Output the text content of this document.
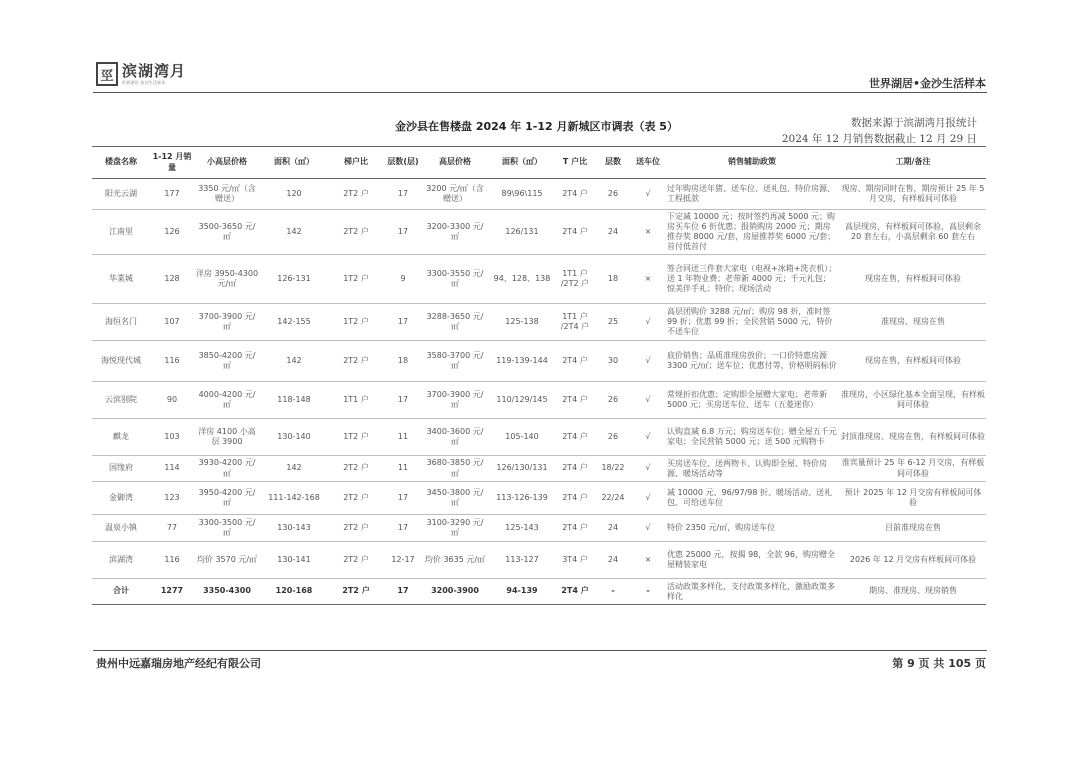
巠 滨湖湾月
世界湖居·金沙生活样本	世界湖居•金沙生活样本
金沙县在售楼盘 2024 年 1-12 月新城区市调表（表 5）	数据来源于滨湖湾月报统计
2024 年 12 月销售数据截止 12 月 29 日
楼盘名称	1-12 月销量	小高层价格	面积（㎡）	梯户比	层数(层)	高层价格	面积（㎡）	T 户比	层数	送车位	销售辅助政策	工期/备注
阳光云湖	177	3350 元/㎡（含赠送）	120	2T2 户	17	3200 元/㎡（含赠送）	89\96\115	2T4 户	26	√	过年购房送年猪、送车位、送礼包、特价房源、工程抵款	现房、期房同时在售，期房预计 25 年 5 月交房，有样板间可体验
江南里	126	3500-3650 元/㎡	142	2T2 户	17	3200-3300 元/㎡	126/131	2T4 户	24	×	下定减 10000 元；按时签约再减 5000 元；购房买车位 6 折优惠；报销购房 2000 元；期房推存奖 8000 元/套，房屋推荐奖 6000 元/套；首付低首付	高层现房，有样板间可体验，高层剩余 20 套左右，小高层剩余 60 套左右
华業城	128	洋房 3950-4300 元/㎡	126-131	1T2 户	9	3300-3550 元/㎡	94、128、138	1T1 户 /2T2 户	18	×	签合同送三件套大家电（电视+冰箱+洗衣机）；送 1 年物业费；老带新 4000 元；千元礼包；惊美伴手礼；特价；现场活动	现房在售，有样板间可体验
海恒名门	107	3700-3900 元/㎡	142-155	1T2 户	17	3288-3650 元/㎡	125-138	1T1 户 /2T4 户	25	√	高层团购价 3288 元/㎡；购房 98 折，准时签 99 折；优惠 99 折；全民营销 5000 元，特价不送车位	准现房、现房在售
海悦现代城	116	3850-4200 元/㎡	142	2T2 户	18	3580-3700 元/㎡	119-139-144	2T4 户	30	√	底价销售；品质准现房放价；一口价特惠房源 3300 元/㎡；送车位；优惠付等，价格明码标价	现房在售，有样板间可体验
云滨别院	90	4000-4200 元/㎡	118-148	1T1 户	17	3700-3900 元/㎡	110/129/145	2T4 户	26	√	常规折扣优惠；定购即全屋赠大家电；老带新 5000 元；买房送车位、送车（五菱迷你）	准现房，小区绿化基本全面呈现，有样板间可体验
麒龙	103	洋房 4100 小高层 3900	130-140	1T2 户	11	3400-3600 元/㎡	105-140	2T4 户	26	√	认购直减 6.8 万元；购房送车位；赠全屋五千元家电；全民营销 5000 元；送 500 元购物卡	封顶准现房、现房在售，有样板间可体验
国缘府	114	3930-4200 元/㎡	142	2T2 户	11	3680-3850 元/㎡	126/130/131	2T4 户	18/22	√	买房送车位、送两物卡、认购即全屋、特价房源、暖场活动等	淮宾量预计 25 年 6-12 月交房，有样板间可体验
金御湾	123	3950-4200 元/㎡	111-142-168	2T2 户	17	3450-3800 元/㎡	113-126-139	2T4 户	22/24	√	减 10000 元、96/97/98 折、暖场活动、送礼包、可给送车位	预计 2025 年 12 月交房有样板间可体验
温泉小镇	77	3300-3500 元/㎡	130-143	2T2 户	17	3100-3290 元/㎡	125-143	2T4 户	24	√	特价 2350 元/㎡，购房送车位	目前准现房在售
滨湖湾	116	均价 3570 元/㎡	130-141	2T2 户	12-17	均价 3635 元/㎡	113-127	3T4 户	24	×	优惠 25000 元，按揭 98，全款 96，购房赠全屋精装家电	2026 年 12 月交房有样板间可体验
合计	1277	3350-4300	120-168	2T2 户	17	3200-3900	94-139	2T4 户	-	-	活动政策多样化，支付政策多样化，激励政策多样化	期房、准现房、现房销售
贵州中远嘉瑞房地产经纪有限公司	第 9 页 共 105 页
